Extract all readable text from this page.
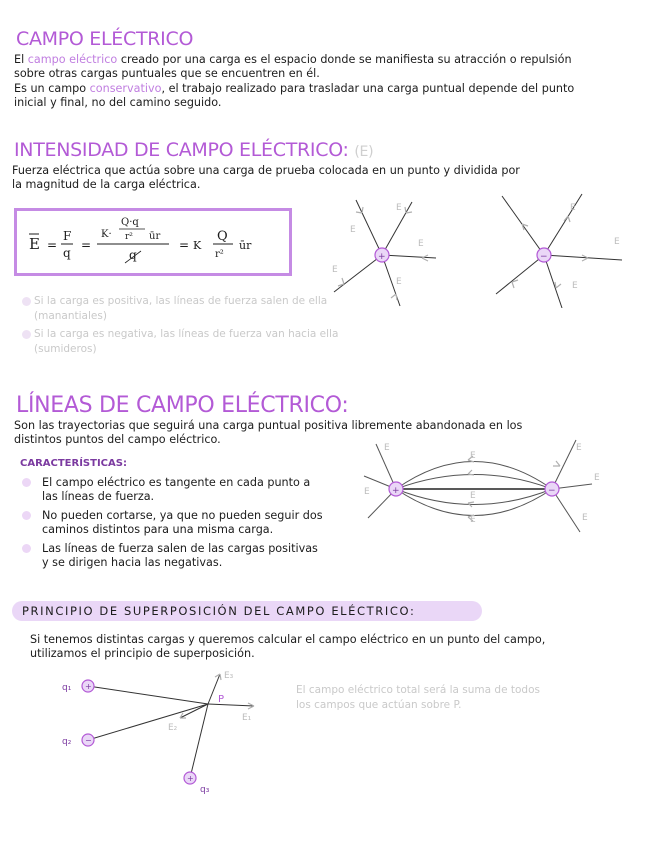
CAMPO ELÉCTRICO
El campo eléctrico creado por una carga es el espacio donde se manifiesta su atracción o repulsión
sobre otras cargas puntuales que se encuentren en él.
Es un campo conservativo, el trabajo realizado para trasladar una carga puntual depende del punto
inicial y final, no del camino seguido.
INTENSIDAD DE CAMPO ELÉCTRICO: (E)
Fuerza eléctrica que actúa sobre una carga de prueba colocada en un punto y dividida por
la magnitud de la carga eléctrica.
E =
F
q
=
Q·q
r²
K·	ūr
q
= K
Q
r²
ūr
+	−
E
E
E
E
E
E
E
E
Si la carga es positiva, las líneas de fuerza salen de ella (manantiales)
Si la carga es negativa, las líneas de fuerza van hacia ella (sumideros)
LÍNEAS DE CAMPO ELÉCTRICO:
Son las trayectorias que seguirá una carga puntual positiva libremente abandonada en los
distintos puntos del campo eléctrico.
CARACTERÍSTICAS:
El campo eléctrico es tangente en cada punto a
las líneas de fuerza.
No pueden cortarse, ya que no pueden seguir dos
caminos distintos para una misma carga.
Las líneas de fuerza salen de las cargas positivas
y se dirigen hacia las negativas.
+	−
E
E
E
E
E
E
E
E
PRINCIPIO DE SUPERPOSICIÓN DEL CAMPO ELÉCTRICO:
Si tenemos distintas cargas y queremos calcular el campo eléctrico en un punto del campo,
utilizamos el principio de superposición.
+
−
+
q₁
q₂
q₃
P
E₃
E₁
E₂
El campo eléctrico total será la suma de todos
los campos que actúan sobre P.
